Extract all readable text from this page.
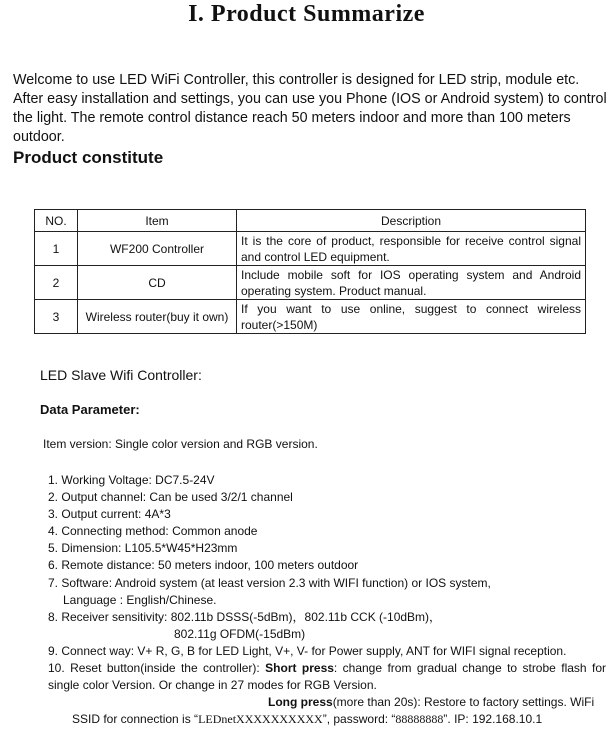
I. Product Summarize

Welcome to use LED WiFi Controller, this controller is designed for LED strip, module etc. After easy installation and settings, you can use you Phone (IOS or Android system) to control the light. The remote control distance reach 50 meters indoor and more than 100 meters outdoor.

Product constitute
NO.	Item	Description
1	WF200 Controller	It is the core of product, responsible for receive control signal and control LED equipment.
2	CD	Include mobile soft for IOS operating system and Android operating system. Product manual.
3	Wireless router(buy it own)	If you want to use online, suggest to connect wireless router(>150M)

LED Slave Wifi Controller:

Data Parameter:

Item version: Single color version and RGB version.

1. Working Voltage: DC7.5-24V
2. Output channel: Can be used 3/2/1 channel
3. Output current: 4A*3
4. Connecting method: Common anode
5. Dimension: L105.5*W45*H23mm
6. Remote distance: 50 meters indoor, 100 meters outdoor
7. Software: Android system (at least version 2.3 with WIFI function) or IOS system,
Language : English/Chinese.
8. Receiver sensitivity: 802.11b DSSS(-5dBm)，802.11b CCK (-10dBm)，
802.11g OFDM(-15dBm)
9. Connect way: V+ R, G, B for LED Light, V+, V- for Power supply, ANT for WIFI signal reception.
10. Reset button(inside the controller): Short press: change from gradual change to strobe flash for single color Version. Or change in 27 modes for RGB Version.
Long press(more than 20s): Restore to factory settings. WiFi
SSID for connection is “LEDnetXXXXXXXXXX”, password: “88888888”. IP: 192.168.10.1
